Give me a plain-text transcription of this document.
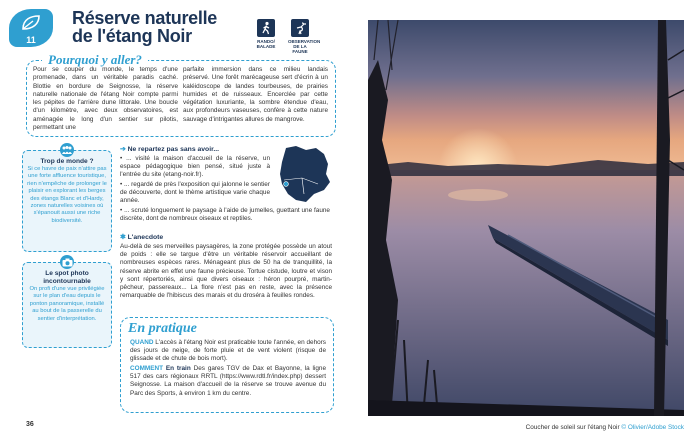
11
Réserve naturelle
de l'étang Noir	RANDO/ BALADE
OBSERVATION DE LA FAUNE
Pourquoi y aller?
Pour se couper du monde, le temps d'une promenade, dans un véritable paradis caché. Blottie en bordure de Seignosse, la réserve naturelle nationale de l'étang Noir compte parmi les pépites de l'arrière dune littorale. Une boucle d'un kilomètre, avec deux observatoires, est aménagée le long d'un sentier sur pilotis, permettant une
parfaite immersion dans ce milieu landais préservé. Une forêt marécageuse sert d'écrin à un kaléidoscope de landes tourbeuses, de prairies humides et de ruisseaux. Encerclée par cette végétation luxuriante, la sombre étendue d'eau, aux profondeurs vaseuses, confère à cette nature sauvage d'intrigantes allures de mangrove.
Trop de monde ?
Si ce havre de paix n'attire pas une forte affluence touristique, rien n'empêche de prolonger le plaisir en explorant les berges des étangs Blanc et d'Hardy, zones naturelles voisines où s'épanouit aussi une riche biodiversité.
Le spot photo incontournable
On profi d'une vue privilégiée sur le plan d'eau depuis le ponton panoramique, installé au bout de la passerelle du sentier d'interprétation.
➔ Ne repartez pas sans avoir...
• ... visité la maison d'accueil de la réserve, un espace pédagogique bien pensé, situé juste à l'entrée du site (etang-noir.fr).
• ... regardé de près l'exposition qui jalonne le sentier de découverte, dont le thème artistique varie chaque année.
• ... scruté longuement le paysage à l'aide de jumelles, guettant une faune discrète, dont de nombreux oiseaux et reptiles.
✱ L'anecdote
Au-delà de ses merveilles paysagères, la zone protégée possède un atout de poids : elle se targue d'être un véritable réservoir accueillant de nombreuses espèces rares. Ménageant plus de 50 ha de tranquillité, la réserve abrite en effet une faune précieuse. Tortue cistude, loutre et vison y sont répertoriés, ainsi que divers oiseaux : héron pourpré, martin-pêcheur, passereaux... La flore n'est pas en reste, avec la présence remarquable de l'hibiscus des marais et du droséra à feuilles rondes.
En pratique
QUAND L'accès à l'étang Noir est praticable toute l'année, en dehors des jours de neige, de forte pluie et de vent violent (risque de glissade et de chute de bois mort).
COMMENT En train Des gares TGV de Dax et Bayonne, la ligne 517 des cars régionaux RRTL (https://www.rdtl.fr/index.php) dessert Seignosse. La maison d'accueil de la réserve se trouve avenue du Parc des Sports, à environ 1 km du centre.
36	Coucher de soleil sur l'étang Noir © Olivier/Adobe Stock
